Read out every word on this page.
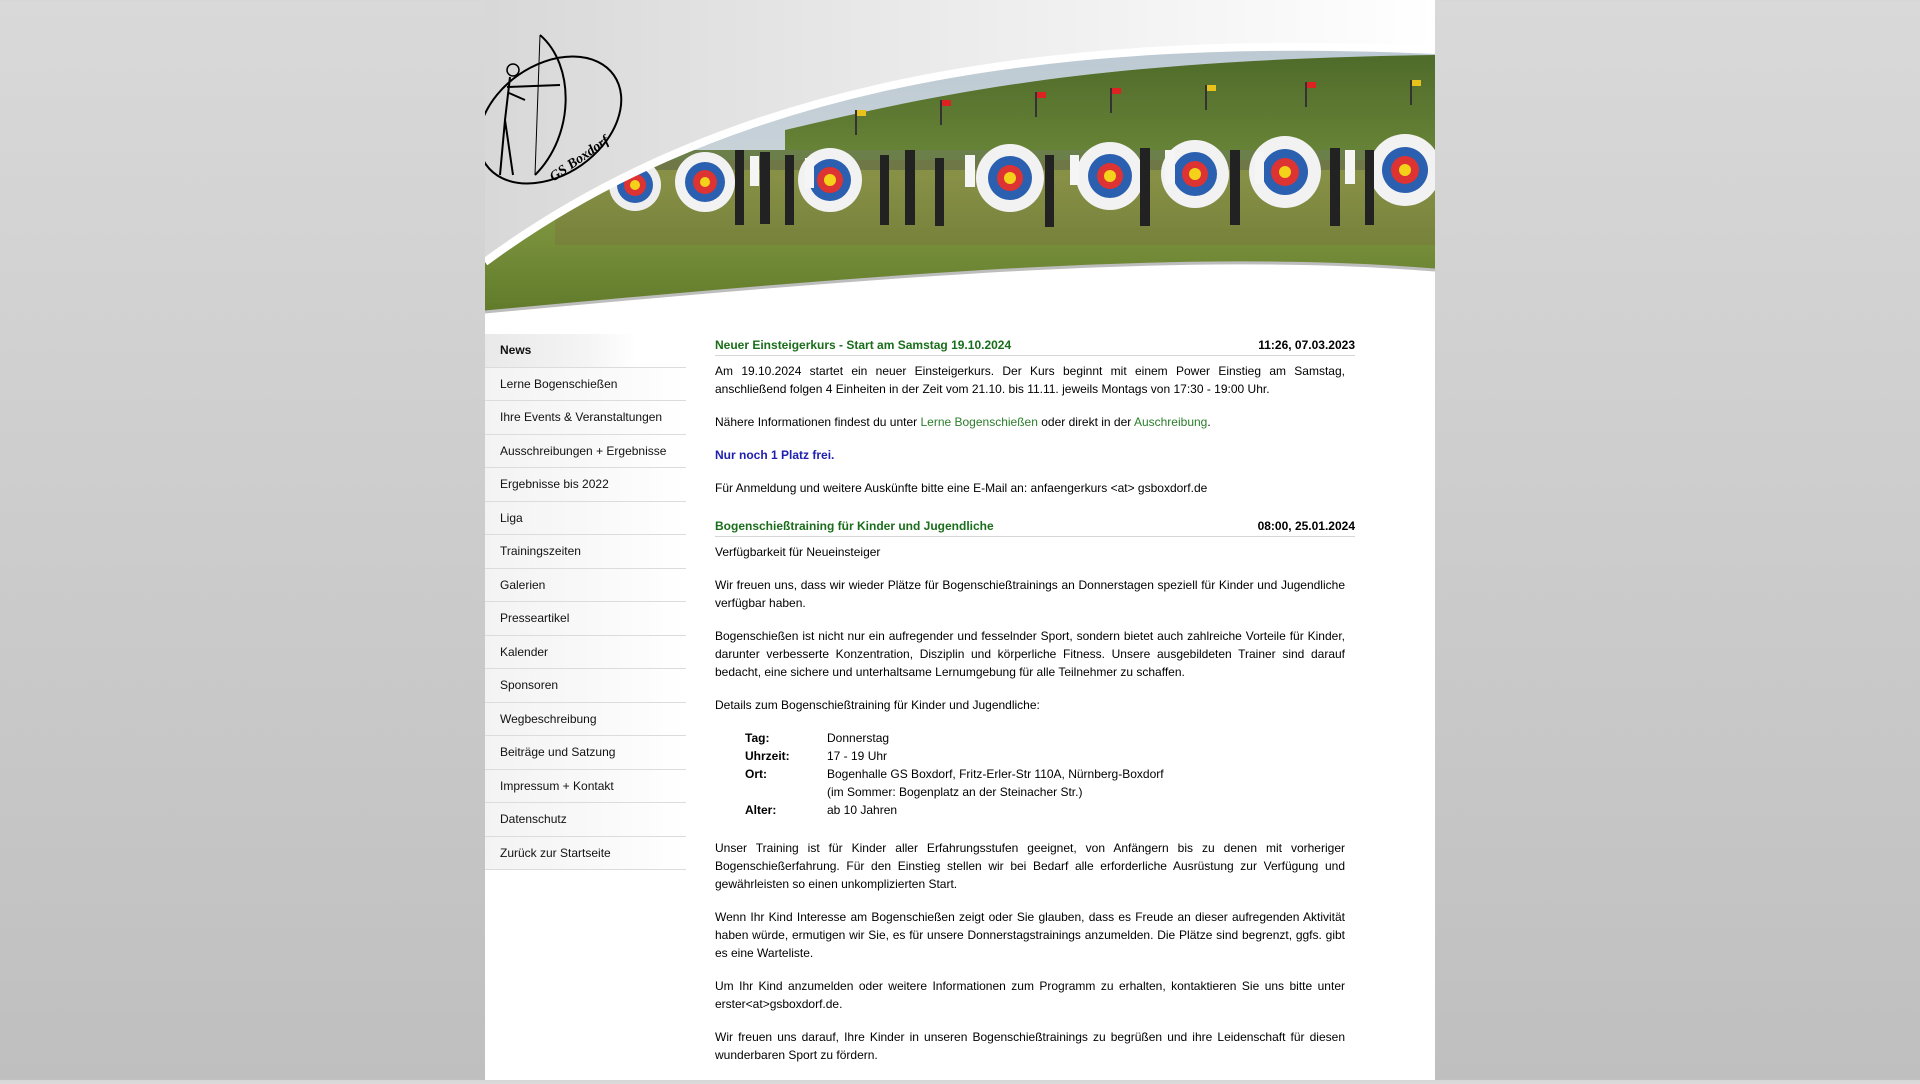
GS Boxdorf
News
Lerne Bogenschießen
Ihre Events & Veranstaltungen
Ausschreibungen + Ergebnisse
Ergebnisse bis 2022
Liga
Trainingszeiten
Galerien
Presseartikel
Kalender
Sponsoren
Wegbeschreibung
Beiträge und Satzung
Impressum + Kontakt
Datenschutz
Zurück zur Startseite
Neuer Einsteigerkurs - Start am Samstag 19.10.2024	11:26, 07.03.2023

Am 19.10.2024 startet ein neuer Einsteigerkurs. Der Kurs beginnt mit einem Power Einstieg am Samstag, anschließend folgen 4 Einheiten in der Zeit vom 21.10. bis 11.11. jeweils Montags von 17:30 - 19:00 Uhr.

Nähere Informationen findest du unter Lerne Bogenschießen oder direkt in der Auschreibung.

Nur noch 1 Platz frei.

Für Anmeldung und weitere Auskünfte bitte eine E-Mail an: anfaengerkurs <at> gsboxdorf.de

Bogenschießtraining für Kinder und Jugendliche	08:00, 25.01.2024

Verfügbarkeit für Neueinsteiger

Wir freuen uns, dass wir wieder Plätze für Bogenschießtrainings an Donnerstagen speziell für Kinder und Jugendliche verfügbar haben.

Bogenschießen ist nicht nur ein aufregender und fesselnder Sport, sondern bietet auch zahlreiche Vorteile für Kinder, darunter verbesserte Konzentration, Disziplin und körperliche Fitness. Unsere ausgebildeten Trainer sind darauf bedacht, eine sichere und unterhaltsame Lernumgebung für alle Teilnehmer zu schaffen.

Details zum Bogenschießtraining für Kinder und Jugendliche:

Tag:	Donnerstag
Uhrzeit:	17 - 19 Uhr
Ort:	Bogenhalle GS Boxdorf, Fritz-Erler-Str 110A, Nürnberg-Boxdorf
(im Sommer: Bogenplatz an der Steinacher Str.)
Alter:	ab 10 Jahren

Unser Training ist für Kinder aller Erfahrungsstufen geeignet, von Anfängern bis zu denen mit vorheriger Bogenschießerfahrung. Für den Einstieg stellen wir bei Bedarf alle erforderliche Ausrüstung zur Verfügung und gewährleisten so einen unkomplizierten Start.

Wenn Ihr Kind Interesse am Bogenschießen zeigt oder Sie glauben, dass es Freude an dieser aufregenden Aktivität haben würde, ermutigen wir Sie, es für unsere Donnerstagstrainings anzumelden. Die Plätze sind begrenzt, ggfs. gibt es eine Warteliste.

Um Ihr Kind anzumelden oder weitere Informationen zum Programm zu erhalten, kontaktieren Sie uns bitte unter erster<at>gsboxdorf.de.

Wir freuen uns darauf, Ihre Kinder in unseren Bogenschießtrainings zu begrüßen und ihre Leidenschaft für diesen wunderbaren Sport zu fördern.
